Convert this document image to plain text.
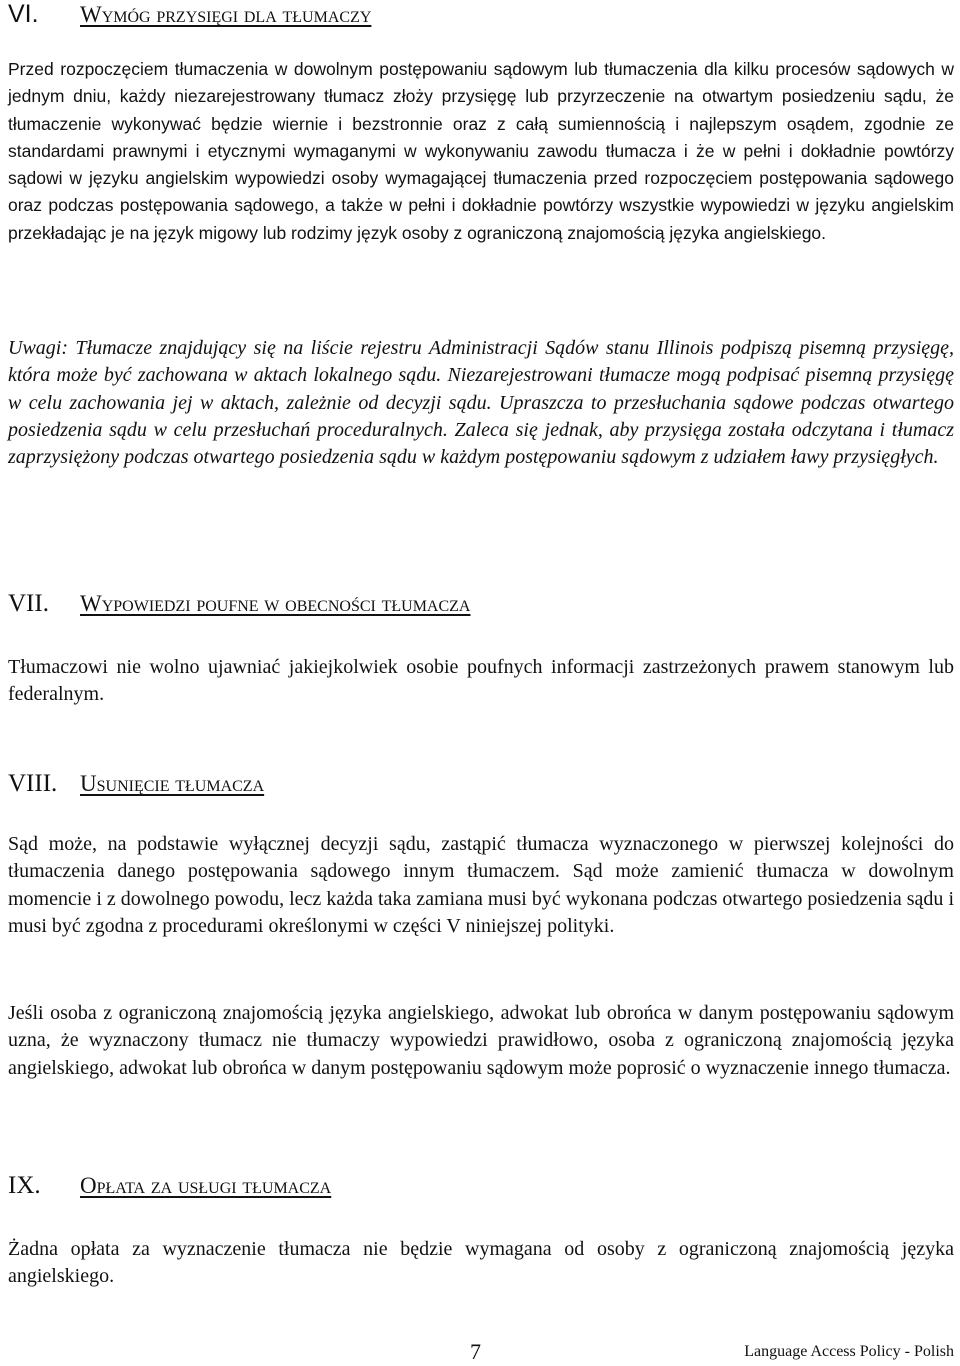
VI. Wymóg przysięgi dla tłumaczy

Przed rozpoczęciem tłumaczenia w dowolnym postępowaniu sądowym lub tłumaczenia dla kilku procesów sądowych w jednym dniu, każdy niezarejestrowany tłumacz złoży przysięgę lub przyrzeczenie na otwartym posiedzeniu sądu, że tłumaczenie wykonywać będzie wiernie i bezstronnie oraz z całą sumiennością i najlepszym osądem, zgodnie ze standardami prawnymi i etycznymi wymaganymi w wykonywaniu zawodu tłumacza i że w pełni i dokładnie powtórzy sądowi w języku angielskim wypowiedzi osoby wymagającej tłumaczenia przed rozpoczęciem postępowania sądowego oraz podczas postępowania sądowego, a także w pełni i dokładnie powtórzy wszystkie wypowiedzi w języku angielskim przekładając je na język migowy lub rodzimy język osoby z ograniczoną znajomością języka angielskiego.

Uwagi: Tłumacze znajdujący się na liście rejestru Administracji Sądów stanu Illinois podpiszą pisemną przysięgę, która może być zachowana w aktach lokalnego sądu. Niezarejestrowani tłumacze mogą podpisać pisemną przysięgę w celu zachowania jej w aktach, zależnie od decyzji sądu. Upraszcza to przesłuchania sądowe podczas otwartego posiedzenia sądu w celu przesłuchań proceduralnych. Zaleca się jednak, aby przysięga została odczytana i tłumacz zaprzysiężony podczas otwartego posiedzenia sądu w każdym postępowaniu sądowym z udziałem ławy przysięgłych.

VII. Wypowiedzi poufne w obecności tłumacza

Tłumaczowi nie wolno ujawniać jakiejkolwiek osobie poufnych informacji zastrzeżonych prawem stanowym lub federalnym.

VIII. Usunięcie tłumacza

Sąd może, na podstawie wyłącznej decyzji sądu, zastąpić tłumacza wyznaczonego w pierwszej kolejności do tłumaczenia danego postępowania sądowego innym tłumaczem. Sąd może zamienić tłumacza w dowolnym momencie i z dowolnego powodu, lecz każda taka zamiana musi być wykonana podczas otwartego posiedzenia sądu i musi być zgodna z procedurami określonymi w części V niniejszej polityki.

Jeśli osoba z ograniczoną znajomością języka angielskiego, adwokat lub obrońca w danym postępowaniu sądowym uzna, że wyznaczony tłumacz nie tłumaczy wypowiedzi prawidłowo, osoba z ograniczoną znajomością języka angielskiego, adwokat lub obrońca w danym postępowaniu sądowym może poprosić o wyznaczenie innego tłumacza.

IX. Opłata za usługi tłumacza

Żadna opłata za wyznaczenie tłumacza nie będzie wymagana od osoby z ograniczoną znajomością języka angielskiego.

7	Language Access Policy - Polish
